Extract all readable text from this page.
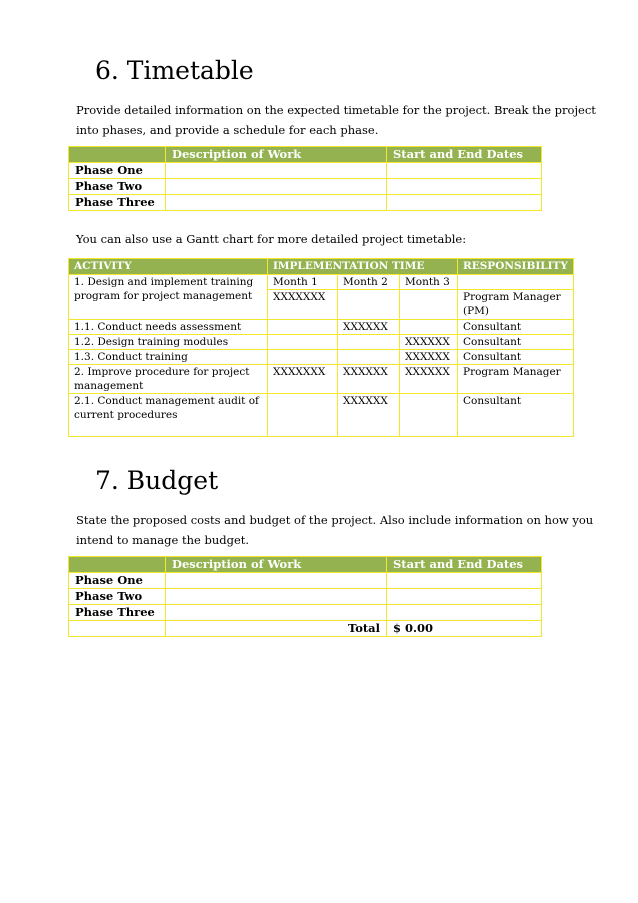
6. Timetable

Provide detailed information on the expected timetable for the project. Break the project into phases, and provide a schedule for each phase.

	Description of Work	Start and End Dates
Phase One		
Phase Two		
Phase Three		

You can also use a Gantt chart for more detailed project timetable:

ACTIVITY	IMPLEMENTATION TIME			RESPONSIBILITY
1. Design and implement training program for project management	Month 1	Month 2	Month 3	
	XXXXXXX			Program Manager (PM)
1.1. Conduct needs assessment		XXXXXX		Consultant
1.2. Design training modules			XXXXXX	Consultant
1.3. Conduct training			XXXXXX	Consultant
2. Improve procedure for project management	XXXXXXX	XXXXXX	XXXXXX	Program Manager
2.1. Conduct management audit of current procedures		XXXXXX		Consultant
7. Budget

State the proposed costs and budget of the project. Also include information on how you intend to manage the budget.

	Description of Work	Start and End Dates
Phase One		
Phase Two		
Phase Three		
	Total	$ 0.00
